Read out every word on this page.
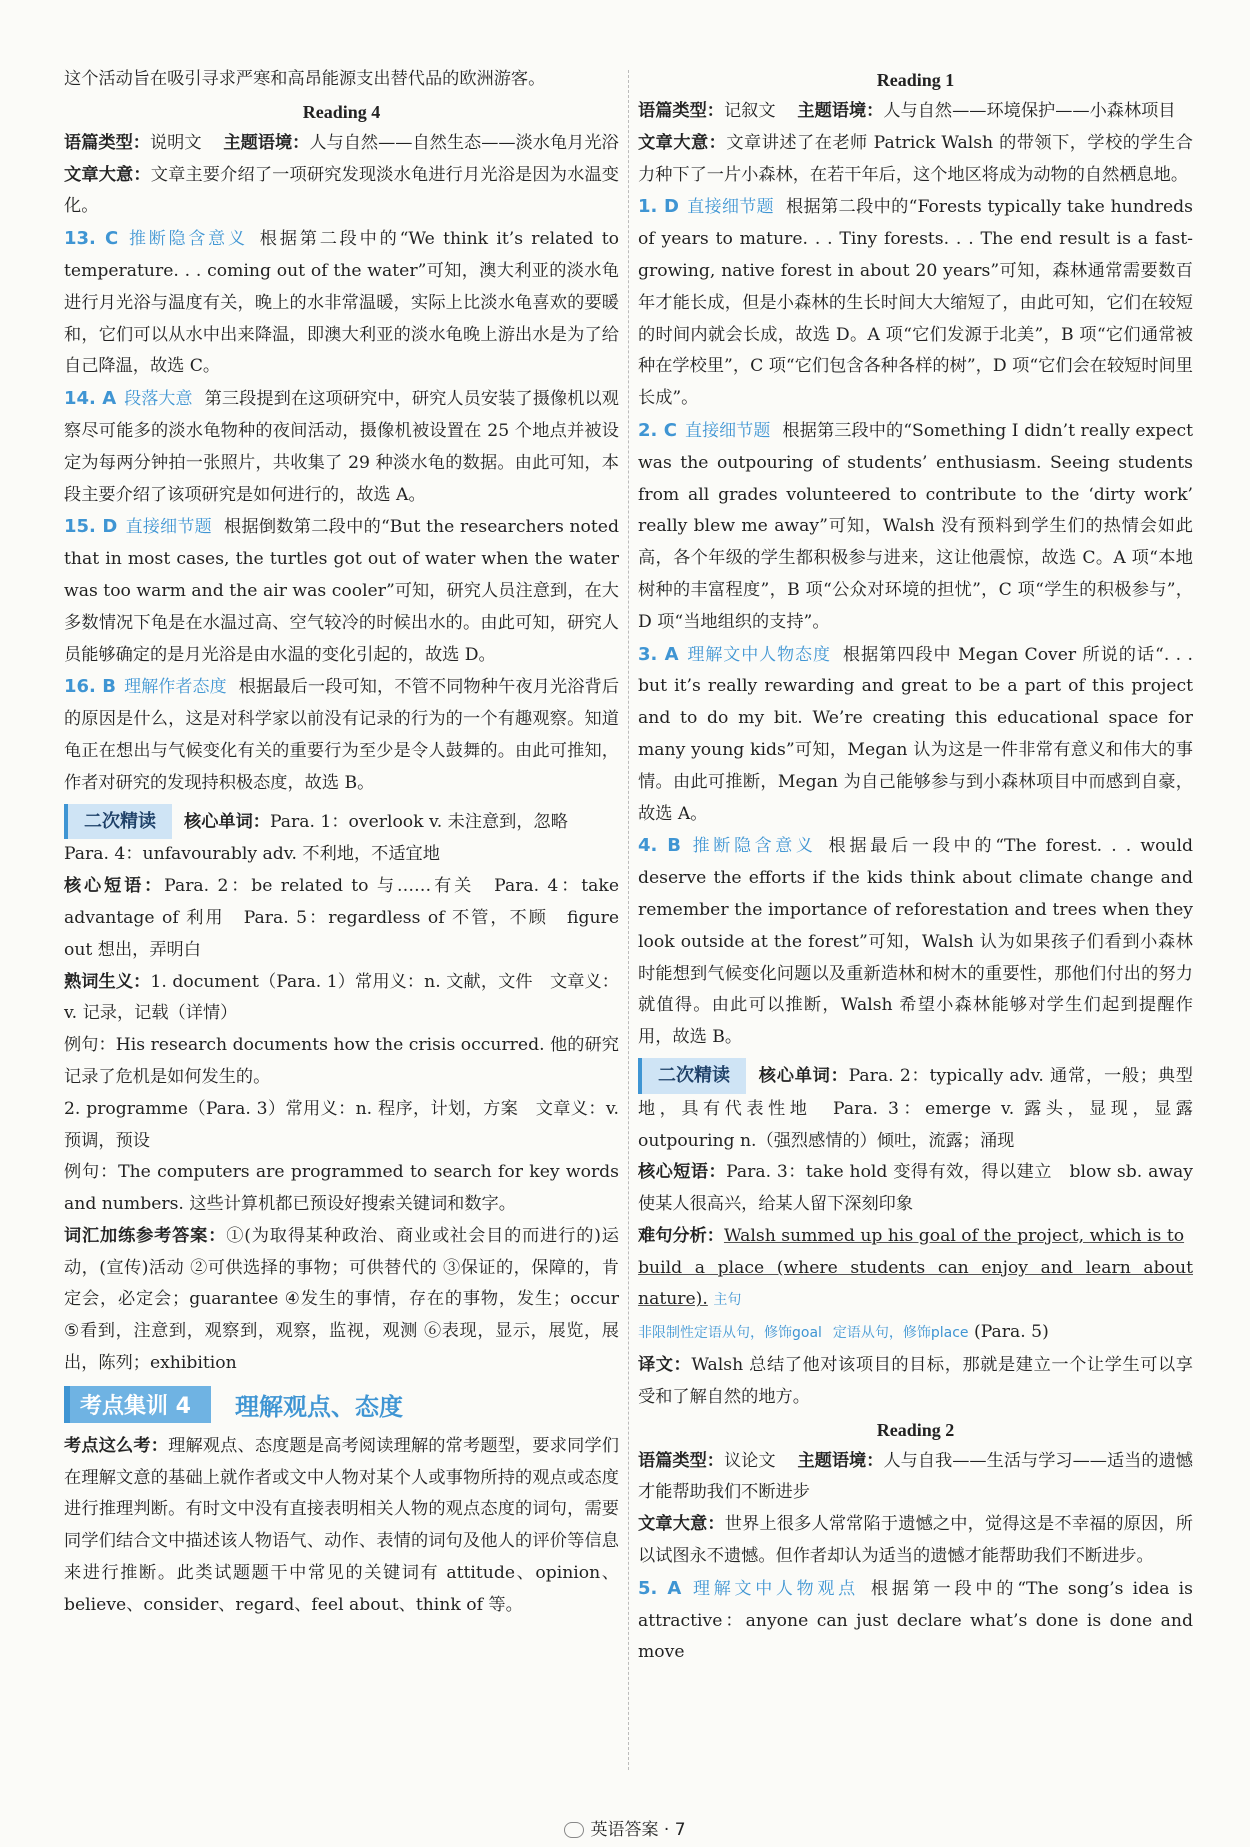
这个活动旨在吸引寻求严寒和高昂能源支出替代品的欧洲游客。

Reading 4

语篇类型：说明文 主题语境：人与自然——自然生态——淡水龟月光浴

文章大意：文章主要介绍了一项研究发现淡水龟进行月光浴是因为水温变化。

13. C 推断隐含意义 根据第二段中的“We think it’s related to temperature. . . coming out of the water”可知，澳大利亚的淡水龟进行月光浴与温度有关，晚上的水非常温暖，实际上比淡水龟喜欢的要暖和，它们可以从水中出来降温，即澳大利亚的淡水龟晚上游出水是为了给自己降温，故选 C。

14. A 段落大意 第三段提到在这项研究中，研究人员安装了摄像机以观察尽可能多的淡水龟物种的夜间活动，摄像机被设置在 25 个地点并被设定为每两分钟拍一张照片，共收集了 29 种淡水龟的数据。由此可知，本段主要介绍了该项研究是如何进行的，故选 A。

15. D 直接细节题 根据倒数第二段中的“But the researchers noted that in most cases, the turtles got out of water when the water was too warm and the air was cooler”可知，研究人员注意到，在大多数情况下龟是在水温过高、空气较冷的时候出水的。由此可知，研究人员能够确定的是月光浴是由水温的变化引起的，故选 D。

16. B 理解作者态度 根据最后一段可知，不管不同物种午夜月光浴背后的原因是什么，这是对科学家以前没有记录的行为的一个有趣观察。知道龟正在想出与气候变化有关的重要行为至少是令人鼓舞的。由此可推知，作者对研究的发现持积极态度，故选 B。

二次精读 核心单词：Para. 1：overlook v. 未注意到，忽略

Para. 4：unfavourably adv. 不利地，不适宜地

核心短语：Para. 2：be related to 与……有关　Para. 4：take advantage of 利用　Para. 5：regardless of 不管，不顾　figure out 想出，弄明白

熟词生义：1. document（Para. 1）常用义：n. 文献，文件　文章义：v. 记录，记载（详情）

例句：His research documents how the crisis occurred. 他的研究记录了危机是如何发生的。

2. programme（Para. 3）常用义：n. 程序，计划，方案　文章义：v. 预调，预设

例句：The computers are programmed to search for key words and numbers. 这些计算机都已预设好搜索关键词和数字。

词汇加练参考答案：①(为取得某种政治、商业或社会目的而进行的)运动，(宣传)活动 ②可供选择的事物；可供替代的 ③保证的，保障的，肯定会，必定会；guarantee ④发生的事情，存在的事物，发生；occur ⑤看到，注意到，观察到，观察，监视，观测 ⑥表现，显示，展览，展出，陈列；exhibition

考点集训 4	理解观点、态度

考点这么考：理解观点、态度题是高考阅读理解的常考题型，要求同学们在理解文意的基础上就作者或文中人物对某个人或事物所持的观点或态度进行推理判断。有时文中没有直接表明相关人物的观点态度的词句，需要同学们结合文中描述该人物语气、动作、表情的词句及他人的评价等信息来进行推断。此类试题题干中常见的关键词有 attitude、opinion、believe、consider、regard、feel about、think of 等。

Reading 1

语篇类型：记叙文 主题语境：人与自然——环境保护——小森林项目

文章大意：文章讲述了在老师 Patrick Walsh 的带领下，学校的学生合力种下了一片小森林，在若干年后，这个地区将成为动物的自然栖息地。

1. D 直接细节题 根据第二段中的“Forests typically take hundreds of years to mature. . . Tiny forests. . . The end result is a fast-growing, native forest in about 20 years”可知，森林通常需要数百年才能长成，但是小森林的生长时间大大缩短了，由此可知，它们在较短的时间内就会长成，故选 D。A 项“它们发源于北美”，B 项“它们通常被种在学校里”，C 项“它们包含各种各样的树”，D 项“它们会在较短时间里长成”。

2. C 直接细节题 根据第三段中的“Something I didn’t really expect was the outpouring of students’ enthusiasm. Seeing students from all grades volunteered to contribute to the ‘dirty work’ really blew me away”可知，Walsh 没有预料到学生们的热情会如此高，各个年级的学生都积极参与进来，这让他震惊，故选 C。A 项“本地树种的丰富程度”，B 项“公众对环境的担忧”，C 项“学生的积极参与”，D 项“当地组织的支持”。

3. A 理解文中人物态度 根据第四段中 Megan Cover 所说的话“. . . but it’s really rewarding and great to be a part of this project and to do my bit. We’re creating this educational space for many young kids”可知，Megan 认为这是一件非常有意义和伟大的事情。由此可推断，Megan 为自己能够参与到小森林项目中而感到自豪，故选 A。

4. B 推断隐含意义 根据最后一段中的“The forest. . . would deserve the efforts if the kids think about climate change and remember the importance of reforestation and trees when they look outside at the forest”可知，Walsh 认为如果孩子们看到小森林时能想到气候变化问题以及重新造林和树木的重要性，那他们付出的努力就值得。由此可以推断，Walsh 希望小森林能够对学生们起到提醒作用，故选 B。

二次精读 核心单词：Para. 2：typically adv. 通常，一般；典型地，具有代表性地　Para. 3：emerge v. 露头，显现，显露　outpouring n.（强烈感情的）倾吐，流露；涌现

核心短语：Para. 3：take hold 变得有效，得以建立　blow sb. away 使某人很高兴，给某人留下深刻印象

难句分析：Walsh summed up his goal of the project, which is to

build a place (where students can enjoy and learn about nature). 主句

非限制性定语从句，修饰goal 定语从句，修饰place (Para. 5)

译文：Walsh 总结了他对该项目的目标，那就是建立一个让学生可以享受和了解自然的地方。

Reading 2

语篇类型：议论文 主题语境：人与自我——生活与学习——适当的遗憾才能帮助我们不断进步

文章大意：世界上很多人常常陷于遗憾之中，觉得这是不幸福的原因，所以试图永不遗憾。但作者却认为适当的遗憾才能帮助我们不断进步。

5. A 理解文中人物观点 根据第一段中的“The song’s idea is attractive：anyone can just declare what’s done is done and move

英语答案 · 7
